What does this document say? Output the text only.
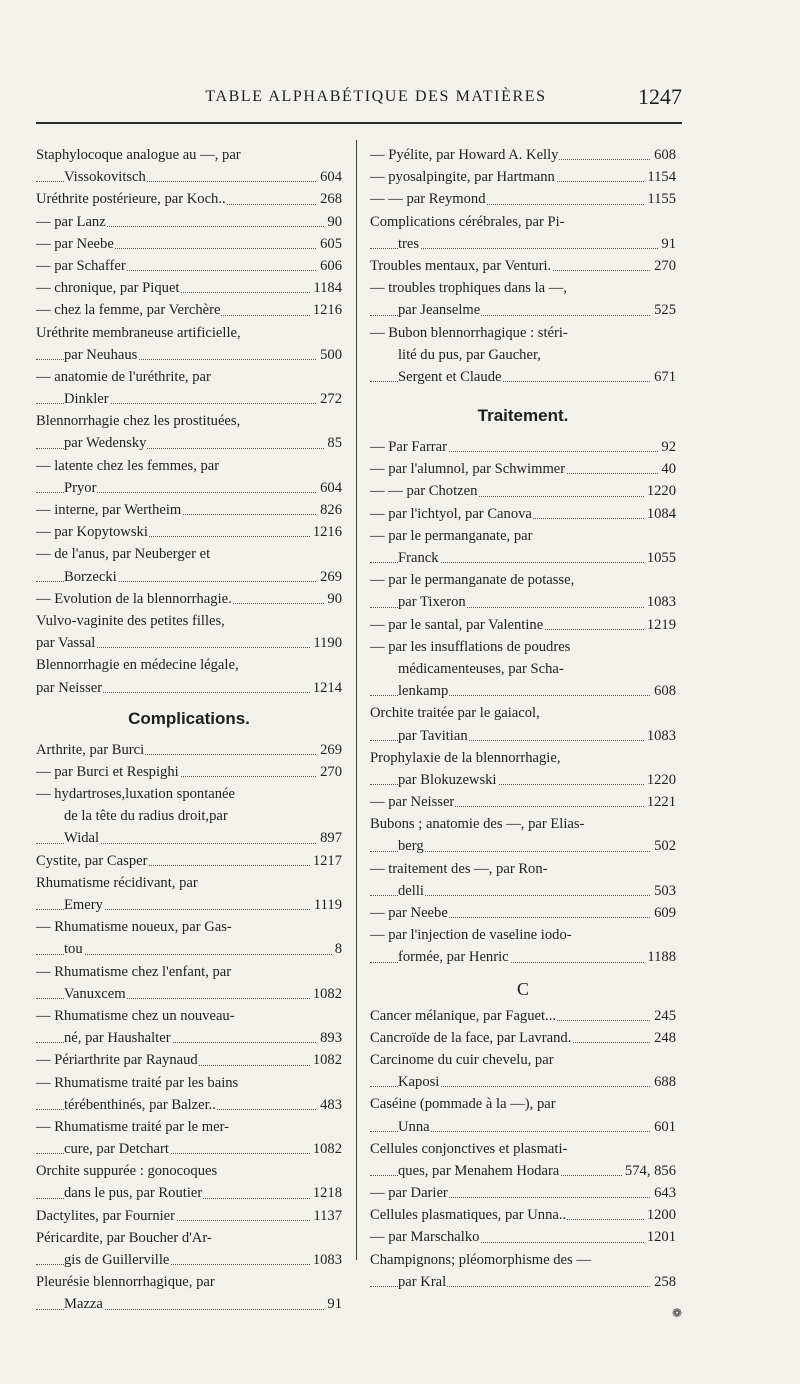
TABLE ALPHABÉTIQUE DES MATIÈRES	1247
Staphylocoque analogue au —, par
Vissokovitsch	604
Uréthrite postérieure, par Koch..	268
— par Lanz	90
— par Neebe	605
— par Schaffer	606
— chronique, par Piquet	1184
— chez la femme, par Verchère	1216
Uréthrite membraneuse artificielle,
par Neuhaus	500
— anatomie de l'uréthrite, par
Dinkler	272
Blennorrhagie chez les prostituées,
par Wedensky	85
— latente chez les femmes, par
Pryor	604
— interne, par Wertheim	826
— par Kopytowski	1216
— de l'anus, par Neuberger et
Borzecki	269
— Evolution de la blennorrhagie.	90
Vulvo-vaginite des petites filles,
par Vassal	1190
Blennorrhagie en médecine légale,
par Neisser	1214
Complications.
Arthrite, par Burci	269
— par Burci et Respighi	270
— hydartroses,luxation spontanée
de la tête du radius droit,par
Widal	897
Cystite, par Casper	1217
Rhumatisme récidivant, par
Emery	1119
— Rhumatisme noueux, par Gas-
tou	8
— Rhumatisme chez l'enfant, par
Vanuxcem	1082
— Rhumatisme chez un nouveau-
né, par Haushalter	893
— Périarthrite par Raynaud	1082
— Rhumatisme traité par les bains
térébenthinés, par Balzer..	483
— Rhumatisme traité par le mer-
cure, par Detchart	1082
Orchite suppurée : gonocoques
dans le pus, par Routier	1218
Dactylites, par Fournier	1137
Péricardite, par Boucher d'Ar-
gis de Guillerville	1083
Pleurésie blennorrhagique, par
Mazza	91
— Pyélite, par Howard A. Kelly	608
— pyosalpingite, par Hartmann	1154
— — par Reymond	1155
Complications cérébrales, par Pi-
tres	91
Troubles mentaux, par Venturi.	270
— troubles trophiques dans la —,
par Jeanselme	525
— Bubon blennorrhagique : stéri-
lité du pus, par Gaucher,
Sergent et Claude	671
Traitement.
— Par Farrar	92
— par l'alumnol, par Schwimmer	40
— — par Chotzen	1220
— par l'ichtyol, par Canova	1084
— par le permanganate, par
Franck	1055
— par le permanganate de potasse,
par Tixeron	1083
— par le santal, par Valentine	1219
— par les insufflations de poudres
médicamenteuses, par Scha-
lenkamp	608
Orchite traitée par le gaiacol,
par Tavitian	1083
Prophylaxie de la blennorrhagie,
par Blokuzewski	1220
— par Neisser	1221
Bubons ; anatomie des —, par Elias-
berg	502
— traitement des —, par Ron-
delli	503
— par Neebe	609
— par l'injection de vaseline iodo-
formée, par Henric	1188
C
Cancer mélanique, par Faguet...	245
Cancroïde de la face, par Lavrand.	248
Carcinome du cuir chevelu, par
Kaposi	688
Caséine (pommade à la —), par
Unna	601
Cellules conjonctives et plasmati-
ques, par Menahem Hodara	574, 856
— par Darier	643
Cellules plasmatiques, par Unna..	1200
— par Marschalko	1201
Champignons; pléomorphisme des —
par Kral	258
❁
